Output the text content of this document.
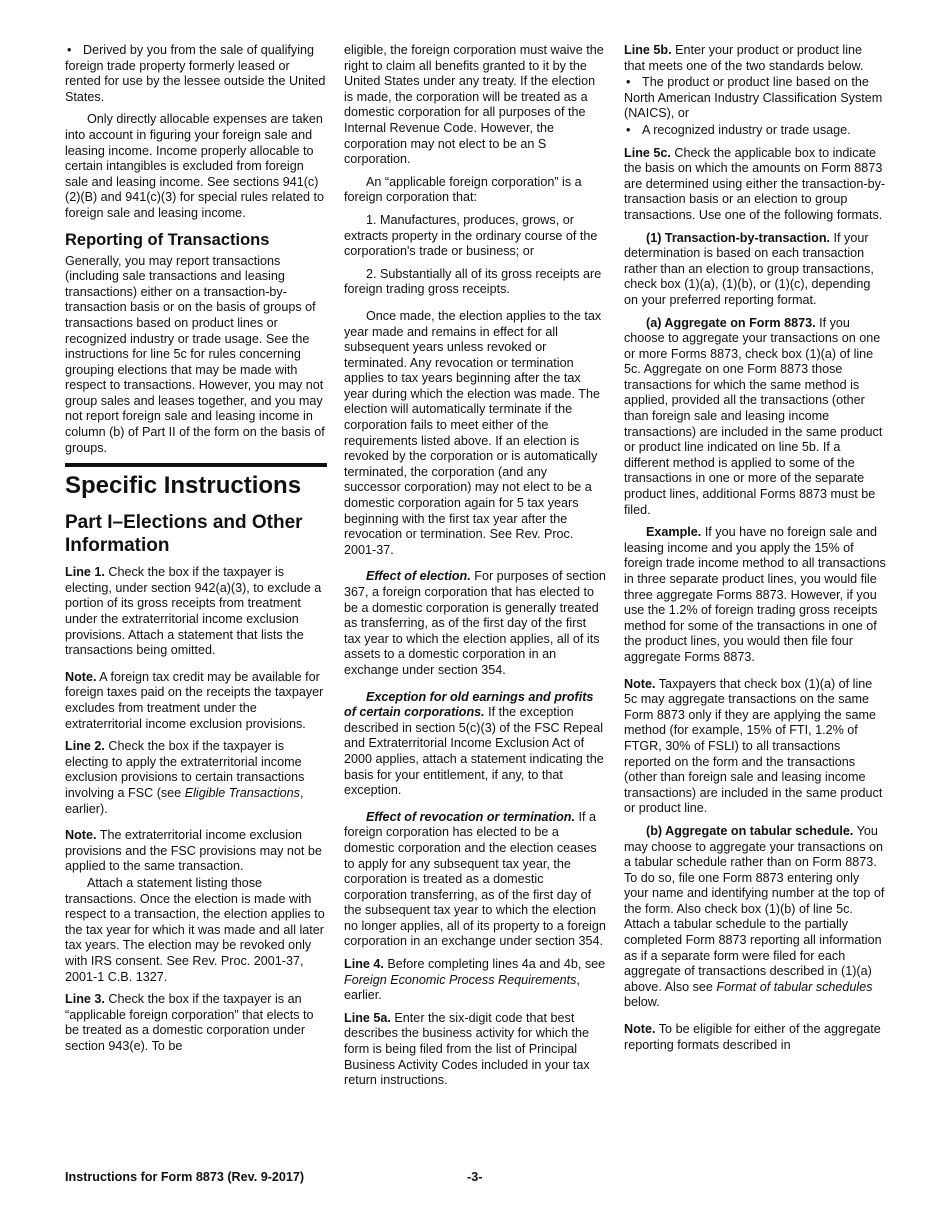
• Derived by you from the sale of qualifying foreign trade property formerly leased or rented for use by the lessee outside the United States.

Only directly allocable expenses are taken into account in figuring your foreign sale and leasing income. Income properly allocable to certain intangibles is excluded from foreign sale and leasing income. See sections 941(c)(2)(B) and 941(c)(3) for special rules related to foreign sale and leasing income.

Reporting of Transactions

Generally, you may report transactions (including sale transactions and leasing transactions) either on a transaction-by-transaction basis or on the basis of groups of transactions based on product lines or recognized industry or trade usage. See the instructions for line 5c for rules concerning grouping elections that may be made with respect to transactions. However, you may not group sales and leases together, and you may not report foreign sale and leasing income in column (b) of Part II of the form on the basis of groups.

Specific Instructions
Part I–Elections and Other Information

Line 1. Check the box if the taxpayer is electing, under section 942(a)(3), to exclude a portion of its gross receipts from treatment under the extraterritorial income exclusion provisions. Attach a statement that lists the transactions being omitted.

Note. A foreign tax credit may be available for foreign taxes paid on the receipts the taxpayer excludes from treatment under the extraterritorial income exclusion provisions.

Line 2. Check the box if the taxpayer is electing to apply the extraterritorial income exclusion provisions to certain transactions involving a FSC (see Eligible Transactions, earlier).

Note. The extraterritorial income exclusion provisions and the FSC provisions may not be applied to the same transaction.

Attach a statement listing those transactions. Once the election is made with respect to a transaction, the election applies to the tax year for which it was made and all later tax years. The election may be revoked only with IRS consent. See Rev. Proc. 2001-37, 2001-1 C.B. 1327.

Line 3. Check the box if the taxpayer is an “applicable foreign corporation” that elects to be treated as a domestic corporation under section 943(e). To be

eligible, the foreign corporation must waive the right to claim all benefits granted to it by the United States under any treaty. If the election is made, the corporation will be treated as a domestic corporation for all purposes of the Internal Revenue Code. However, the corporation may not elect to be an S corporation.

An “applicable foreign corporation” is a foreign corporation that:

1. Manufactures, produces, grows, or extracts property in the ordinary course of the corporation's trade or business; or

2. Substantially all of its gross receipts are foreign trading gross receipts.

Once made, the election applies to the tax year made and remains in effect for all subsequent years unless revoked or terminated. Any revocation or termination applies to tax years beginning after the tax year during which the election was made. The election will automatically terminate if the corporation fails to meet either of the requirements listed above. If an election is revoked by the corporation or is automatically terminated, the corporation (and any successor corporation) may not elect to be a domestic corporation again for 5 tax years beginning with the first tax year after the revocation or termination. See Rev. Proc. 2001-37.

Effect of election. For purposes of section 367, a foreign corporation that has elected to be a domestic corporation is generally treated as transferring, as of the first day of the first tax year to which the election applies, all of its assets to a domestic corporation in an exchange under section 354.

Exception for old earnings and profits of certain corporations. If the exception described in section 5(c)(3) of the FSC Repeal and Extraterritorial Income Exclusion Act of 2000 applies, attach a statement indicating the basis for your entitlement, if any, to that exception.

Effect of revocation or termination. If a foreign corporation has elected to be a domestic corporation and the election ceases to apply for any subsequent tax year, the corporation is treated as a domestic corporation transferring, as of the first day of the subsequent tax year to which the election no longer applies, all of its property to a foreign corporation in an exchange under section 354.

Line 4. Before completing lines 4a and 4b, see Foreign Economic Process Requirements, earlier.

Line 5a. Enter the six-digit code that best describes the business activity for which the form is being filed from the list of Principal Business Activity Codes included in your tax return instructions.

Line 5b. Enter your product or product line that meets one of the two standards below.

• The product or product line based on the North American Industry Classification System (NAICS), or

• A recognized industry or trade usage.

Line 5c. Check the applicable box to indicate the basis on which the amounts on Form 8873 are determined using either the transaction-by-transaction basis or an election to group transactions. Use one of the following formats.

(1) Transaction-by-transaction. If your determination is based on each transaction rather than an election to group transactions, check box (1)(a), (1)(b), or (1)(c), depending on your preferred reporting format.

(a) Aggregate on Form 8873. If you choose to aggregate your transactions on one or more Forms 8873, check box (1)(a) of line 5c. Aggregate on one Form 8873 those transactions for which the same method is applied, provided all the transactions (other than foreign sale and leasing income transactions) are included in the same product or product line indicated on line 5b. If a different method is applied to some of the transactions in one or more of the separate product lines, additional Forms 8873 must be filed.

Example. If you have no foreign sale and leasing income and you apply the 15% of foreign trade income method to all transactions in three separate product lines, you would file three aggregate Forms 8873. However, if you use the 1.2% of foreign trading gross receipts method for some of the transactions in one of the product lines, you would then file four aggregate Forms 8873.

Note. Taxpayers that check box (1)(a) of line 5c may aggregate transactions on the same Form 8873 only if they are applying the same method (for example, 15% of FTI, 1.2% of FTGR, 30% of FSLI) to all transactions reported on the form and the transactions (other than foreign sale and leasing income transactions) are included in the same product or product line.

(b) Aggregate on tabular schedule. You may choose to aggregate your transactions on a tabular schedule rather than on Form 8873. To do so, file one Form 8873 entering only your name and identifying number at the top of the form. Also check box (1)(b) of line 5c. Attach a tabular schedule to the partially completed Form 8873 reporting all information as if a separate form were filed for each aggregate of transactions described in (1)(a) above. Also see Format of tabular schedules below.

Note. To be eligible for either of the aggregate reporting formats described in

Instructions for Form 8873 (Rev. 9-2017)	-3-
